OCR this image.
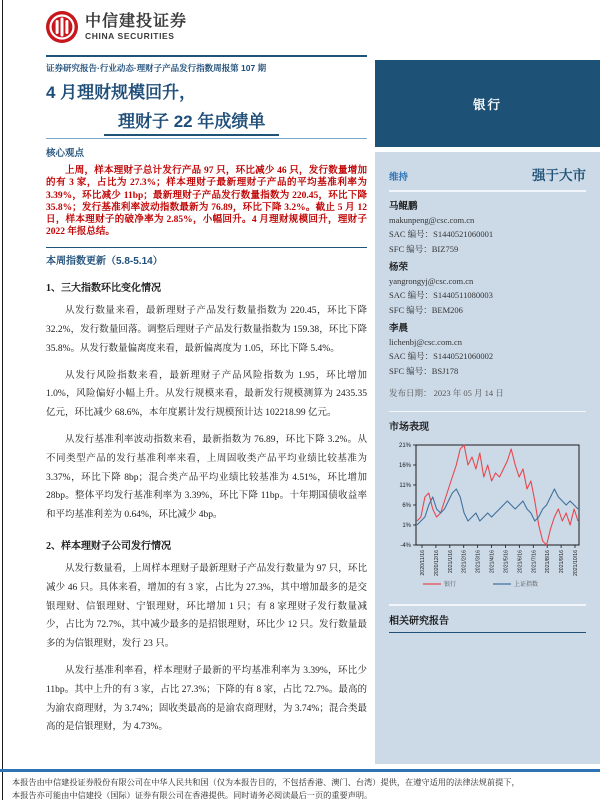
中信建投证券
CHINA SECURITIES
证券研究报告·行业动态·理财子产品发行指数周报第 107 期
4 月理财规模回升，
理财子 22 年成绩单
核心观点
上周，样本理财子总计发行产品 97 只，环比减少 46 只，发行数量增加的有 3 家，占比为 27.3%；样本理财子最新理财子产品的平均基准利率为 3.39%，环比减少 11bp；最新理财子产品发行数量指数为 220.45，环比下降 35.8%；发行基准利率波动指数最新为 76.89，环比下降 3.2%。截止 5 月 12 日，样本理财子的破净率为 2.85%，小幅回升。4 月理财规模回升，理财子 2022 年报总结。
本周指数更新（5.8-5.14）
1、三大指数环比变化情况
从发行数量来看，最新理财子产品发行数量指数为 220.45，环比下降 32.2%，发行数量回落。调整后理财子产品发行数量指数为 159.38，环比下降 35.8%。从发行数量偏离度来看，最新偏离度为 1.05，环比下降 5.4%。
从发行风险指数来看，最新理财子产品风险指数为 1.95，环比增加 1.0%，风险偏好小幅上升。从发行规模来看，最新发行规模测算为 2435.35 亿元，环比减少 68.6%，本年度累计发行规模预计达 102218.99 亿元。
从发行基准利率波动指数来看，最新指数为 76.89，环比下降 3.2%。从不同类型产品的发行基准利率来看，上周固收类产品平均业绩比较基准为 3.37%，环比下降 8bp；混合类产品平均业绩比较基准为 4.51%，环比增加 28bp。整体平均发行基准利率为 3.39%，环比下降 11bp。十年期国债收益率和平均基准利差为 0.64%，环比减少 4bp。
2、样本理财子公司发行情况
从发行数量看，上周样本理财子最新理财子产品发行数量为 97 只，环比减少 46 只。具体来看，增加的有 3 家，占比为 27.3%，其中增加最多的是交银理财、信银理财、宁银理财，环比增加 1 只；有 8 家理财子发行数量减少，占比为 72.7%，其中减少最多的是招银理财，环比少 12 只。发行数量最多的为信银理财，发行 23 只。
从发行基准利率看，样本理财子最新的平均基准利率为 3.39%，环比少 11bp。其中上升的有 3 家，占比 27.3%；下降的有 8 家，占比 72.7%。最高的为渝农商理财，为 3.74%；固收类最高的是渝农商理财，为 3.74%；混合类最高的是信银理财，为 4.73%。
银行
维持	强于大市
马鲲鹏
makunpeng@csc.com.cn
SAC 编号：S1440521060001
SFC 编号：BIZ759
杨荣
yangrongyj@csc.com.cn
SAC 编号：S1440511080003
SFC 编号：BEM206
李晨
lichenbj@csc.com.cn
SAC 编号：S1440521060002
SFC 编号：BSJ178
发布日期： 2023 年 05 月 14 日
市场表现
21%
16%
11%
6%
1%
-4%
2020/11/16 2020/12/16 2021/1/16 2021/2/16 2021/3/16 2021/4/16 2021/5/16 2021/6/16 2021/7/16 2021/8/16 2021/9/16 2021/10/16
银行	上证指数
相关研究报告
本报告由中信建投证券股份有限公司在中华人民共和国（仅为本报告目的，不包括香港、澳门、台湾）提供，在遵守适用的法律法规前提下，
本报告亦可能由中信建投（国际）证券有限公司在香港提供。同时请务必阅读最后一页的重要声明。
